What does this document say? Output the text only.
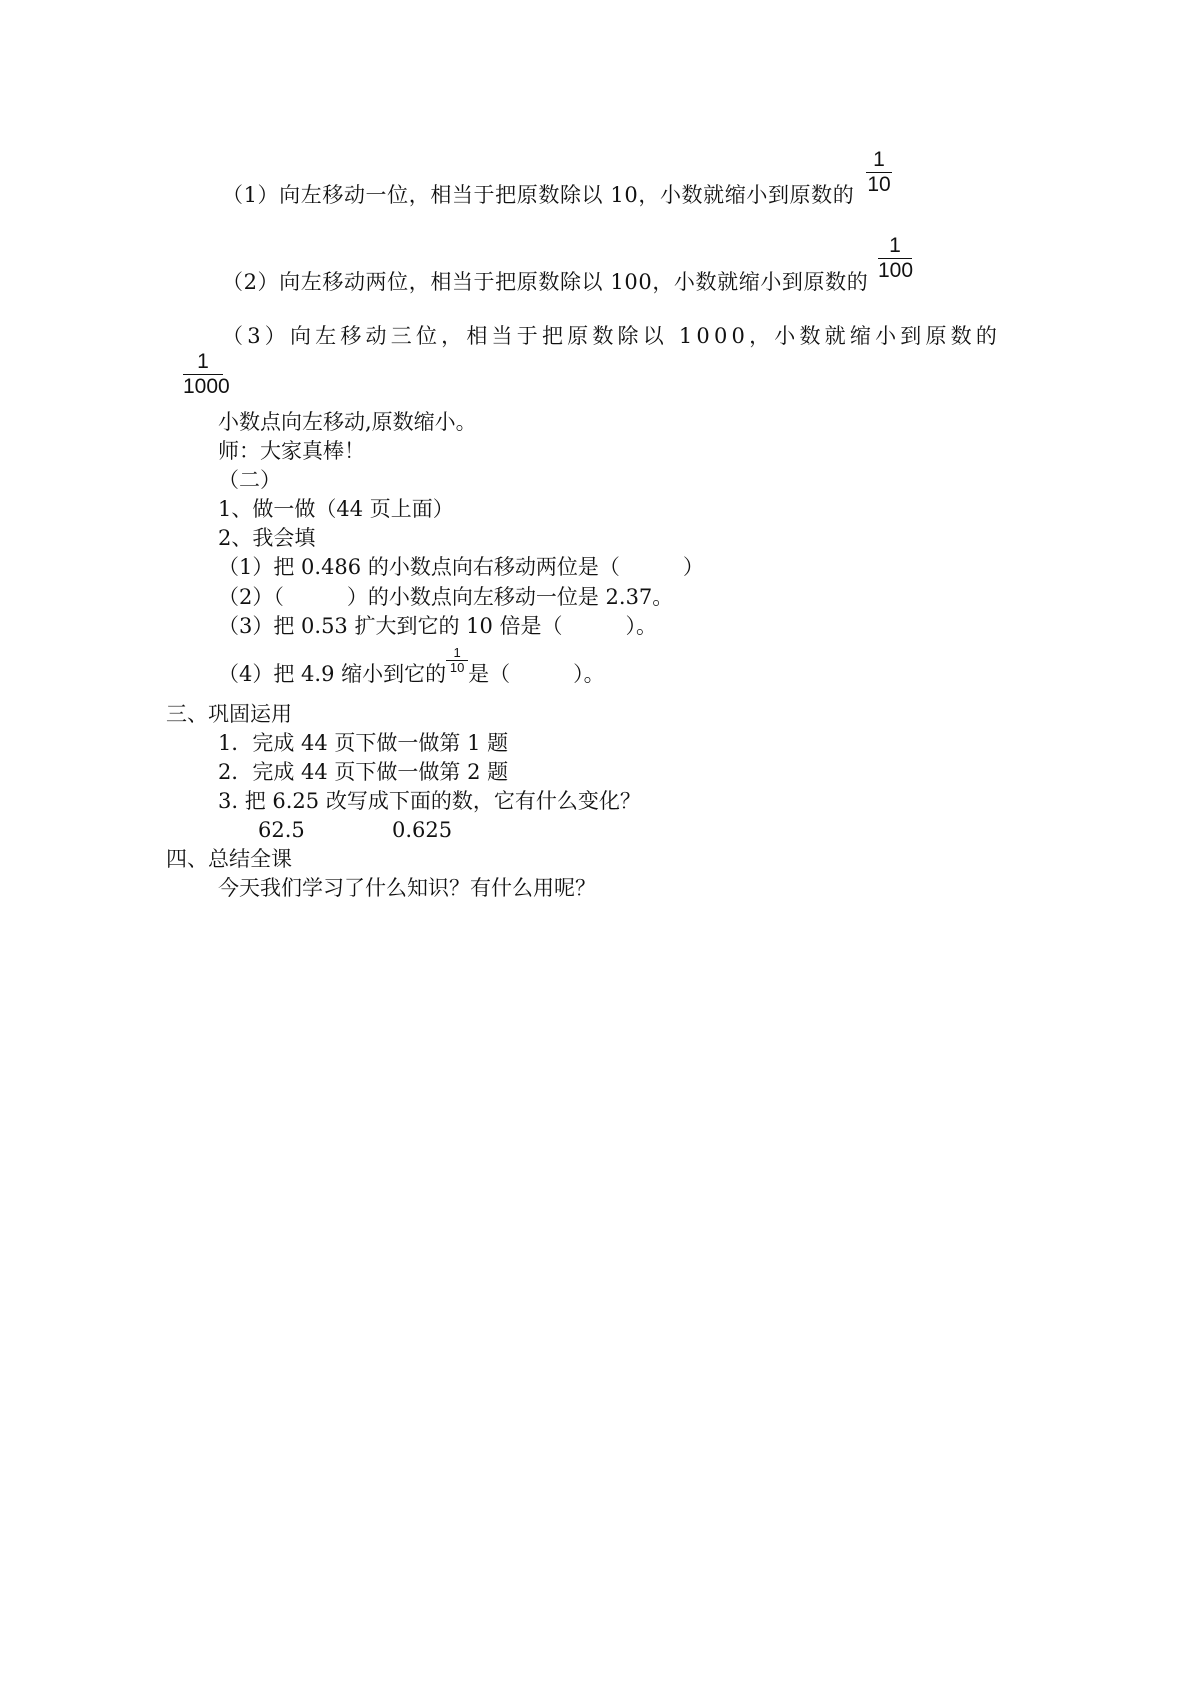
（1）向左移动一位，相当于把原数除以 10，小数就缩小到原数的
1
10
（2）向左移动两位，相当于把原数除以 100，小数就缩小到原数的
1
100
（3）向左移动三位，相当于把原数除以 1000，小数就缩小到原数的
1
1000
小数点向左移动,原数缩小。
师：大家真棒！
（二）
1、做一做（44 页上面）
2、我会填
（1）把 0.486 的小数点向右移动两位是（　　　）
（2）（　　　）的小数点向左移动一位是 2.37。
（3）把 0.53 扩大到它的 10 倍是（　　　）。
（4）把 4.9 缩小到它的
1
10 是（　　　）。
三、巩固运用
1．完成 44 页下做一做第 1 题
2．完成 44 页下做一做第 2 题
3. 把 6.25 改写成下面的数，它有什么变化？
62.5	0.625
四、总结全课
今天我们学习了什么知识？有什么用呢？
